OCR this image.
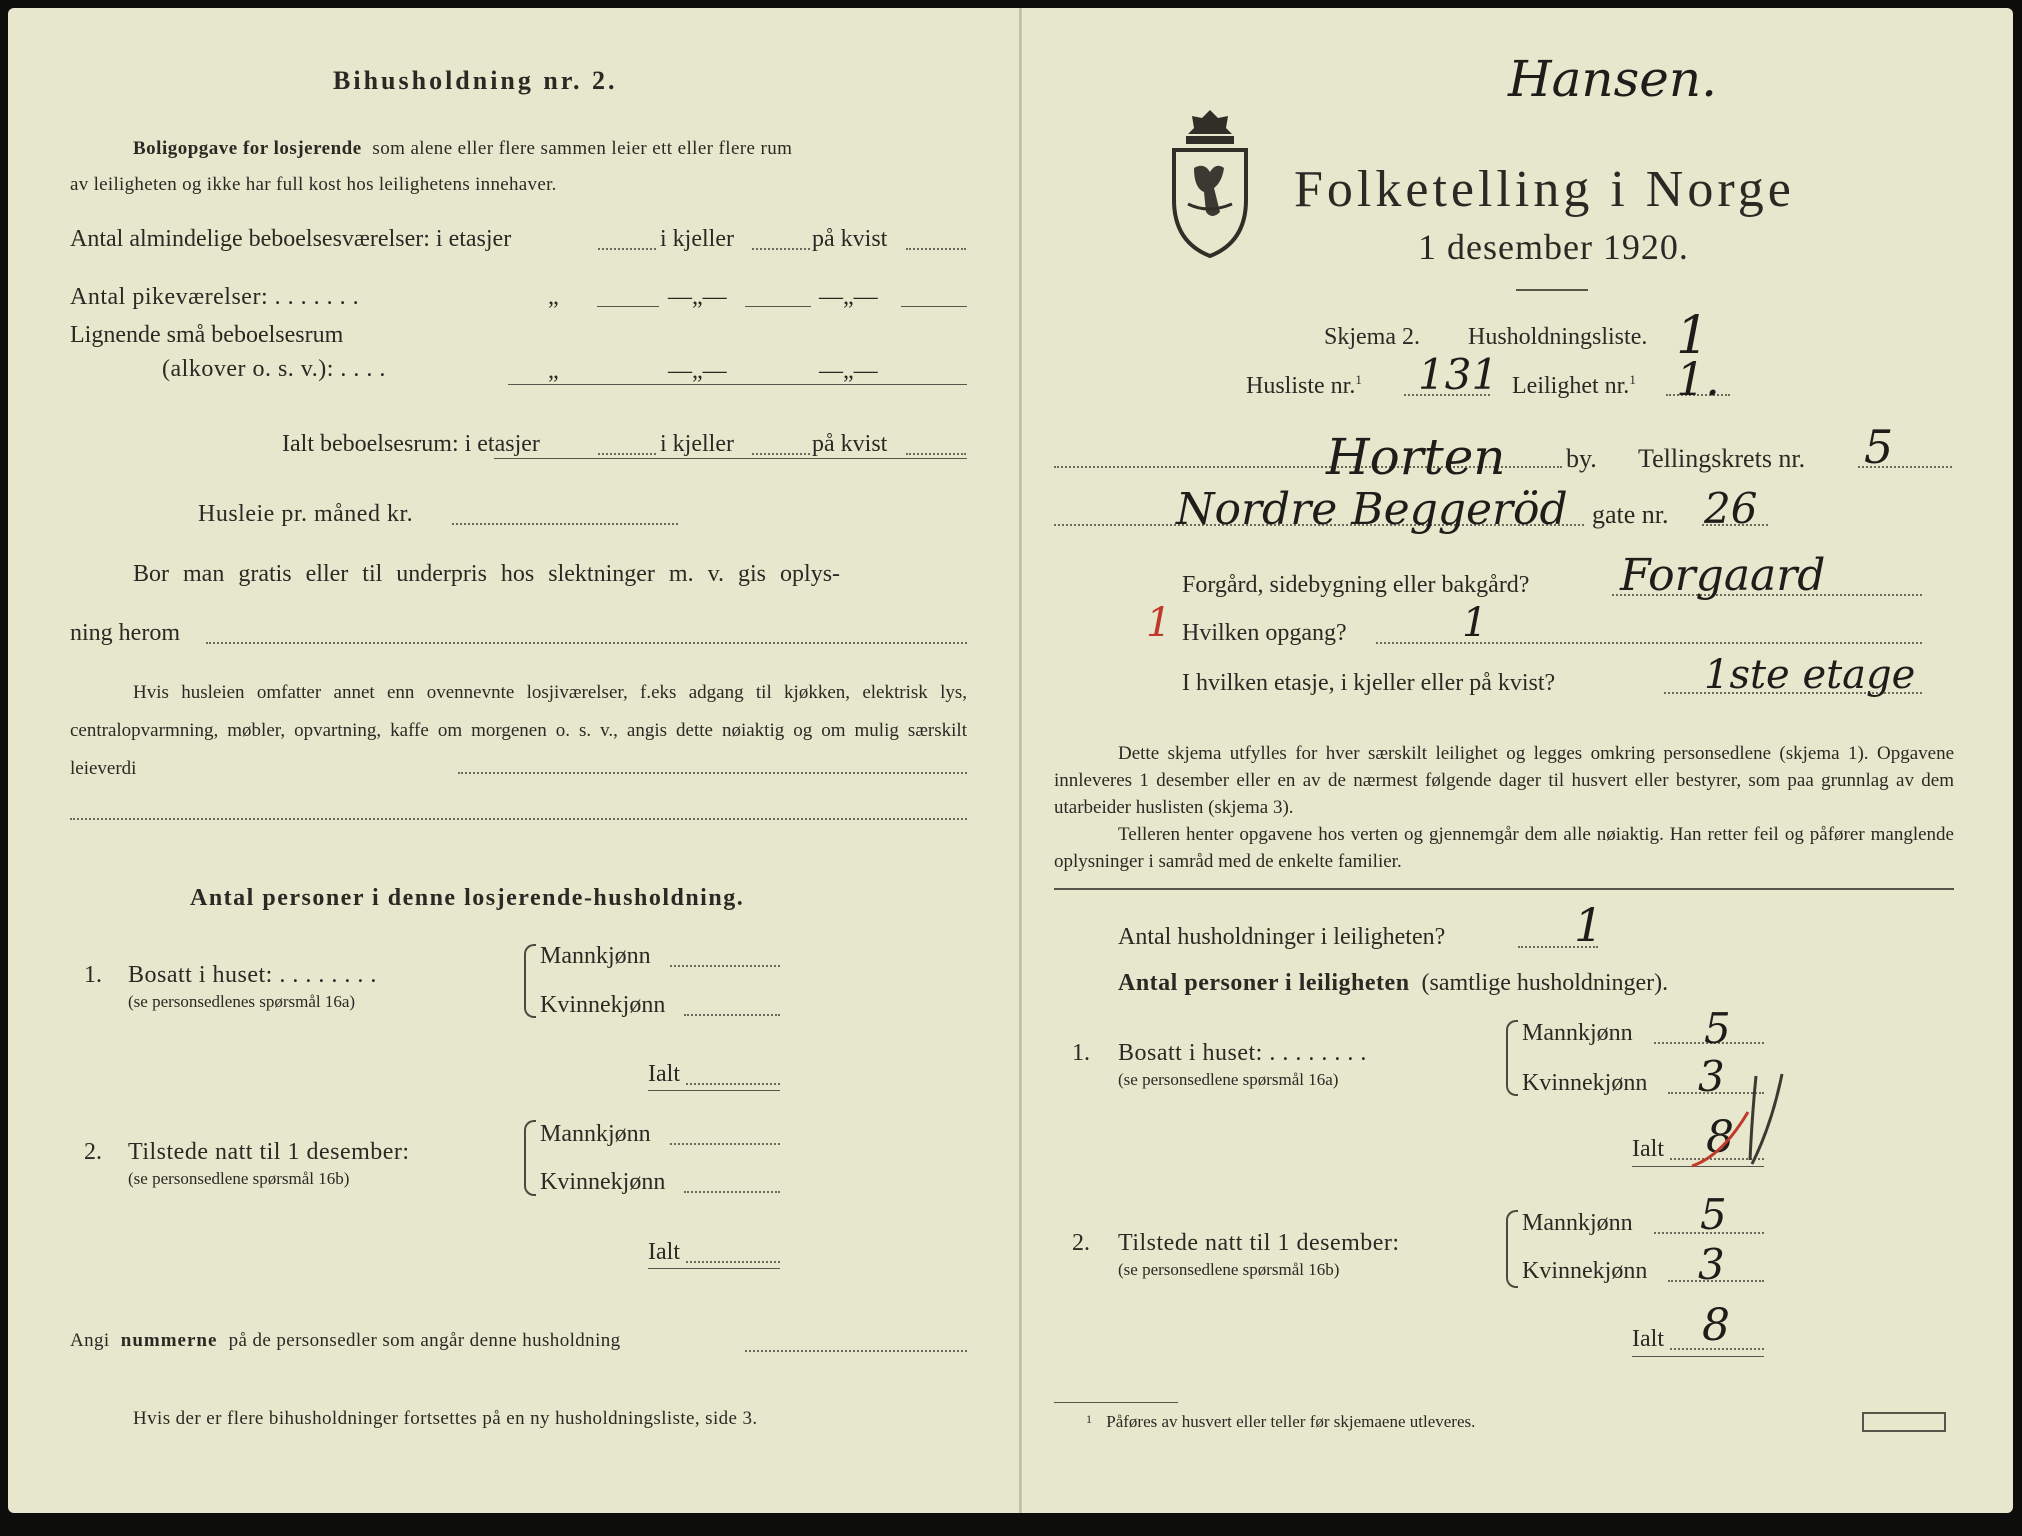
Bihusholdning nr. 2.
Boligopgave for losjerende som alene eller flere sammen leier ett eller flere rum
av leiligheten og ikke har full kost hos leilighetens innehaver.
Antal almindelige beboelsesværelser: i etasjer	i kjeller	på kvist
Antal pikeværelser: . . . . . . .	„	—„—	—„—
Lignende små beboelsesrum
(alkover o. s. v.): . . . .	„	—„—	—„—
Ialt beboelsesrum: i etasjer	i kjeller	på kvist
Husleie pr. måned kr.
Bor man gratis eller til underpris hos slektninger m. v. gis oplys-
ning herom
Hvis husleien omfatter annet enn ovennevnte losjiværelser, f.eks adgang til kjøkken, elektrisk lys, centralopvarmning, møbler, opvartning, kaffe om morgenen o. s. v., angis dette nøiaktig og om mulig særskilt leieverdi
Antal personer i denne losjerende-husholdning.
1. Bosatt i huset: . . . . . . . .
(se personsedlenes spørsmål 16a)
Mannkjønn
Kvinnekjønn
Ialt
2. Tilstede natt til 1 desember:
(se personsedlene spørsmål 16b)
Mannkjønn
Kvinnekjønn
Ialt
Angi nummerne på de personsedler som angår denne husholdning
Hvis der er flere bihusholdninger fortsettes på en ny husholdningsliste, side 3.
Hansen.
Folketelling i Norge
1 desember 1920.
Skjema 2. Husholdningsliste. 1
Husliste nr.$^1$ 131 Leilighet nr.$^1$ 1.
Horten by. Tellingskrets nr. 5
Nordre Beggeröd gate nr. 26
Forgård, sidebygning eller bakgård? Forgaard
1 Hvilken opgang?	1
I hvilken etasje, i kjeller eller på kvist?	1ste etage
Dette skjema utfylles for hver særskilt leilighet og legges omkring personsedlene (skjema 1). Opgavene innleveres 1 desember eller en av de nærmest følgende dager til husvert eller bestyrer, som paa grunnlag av dem utarbeider huslisten (skjema 3).
Telleren henter opgavene hos verten og gjennemgår dem alle nøiaktig. Han retter feil og påfører manglende oplysninger i samråd med de enkelte familier.
Antal husholdninger i leiligheten?	1
Antal personer i leiligheten (samtlige husholdninger).
1. Bosatt i huset: . . . . . . . .
(se personsedlene spørsmål 16a)
Mannkjønn 5
Kvinnekjønn 3
Ialt 8
2. Tilstede natt til 1 desember:
(se personsedlene spørsmål 16b)
Mannkjønn 5
Kvinnekjønn 3
Ialt 8
$^1$ Påføres av husvert eller teller før skjemaene utleveres.
